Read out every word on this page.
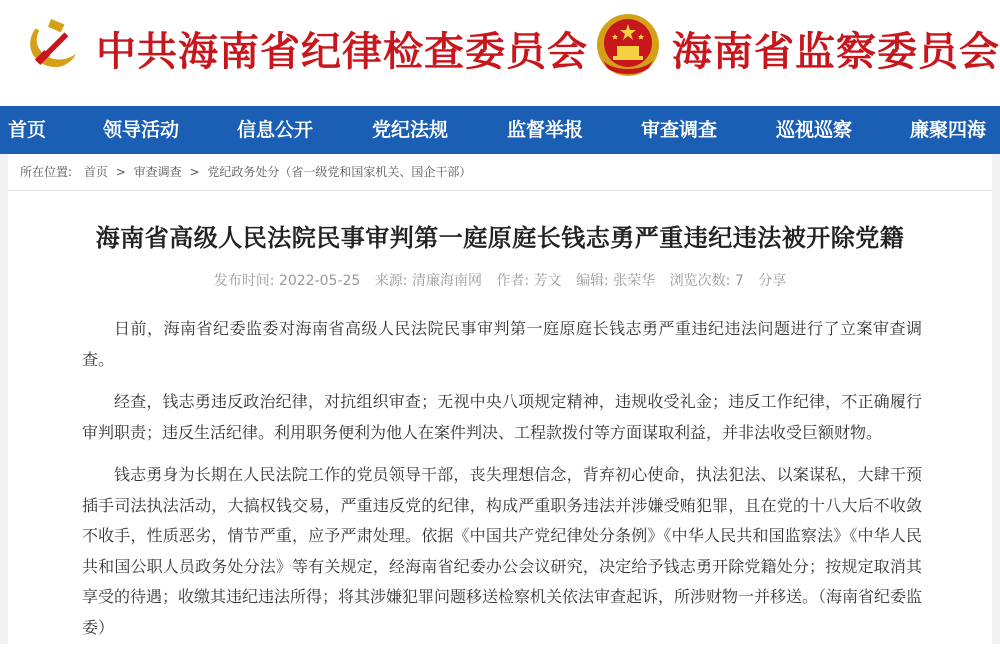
中共海南省纪律检查委员会 海南省监察委员会
首页	领导活动	信息公开	党纪法规	监督举报	审查调查	巡视巡察	廉聚四海
所在位置: 首页 > 审查调查 > 党纪政务处分（省一级党和国家机关、国企干部）
海南省高级人民法院民事审判第一庭原庭长钱志勇严重违纪违法被开除党籍
发布时间: 2022-05-25 来源: 清廉海南网 作者: 芳文 编辑: 张荣华 浏览次数: 7 分享

日前，海南省纪委监委对海南省高级人民法院民事审判第一庭原庭长钱志勇严重违纪违法问题进行了立案审查调查。

经查，钱志勇违反政治纪律，对抗组织审查；无视中央八项规定精神，违规收受礼金；违反工作纪律，不正确履行审判职责；违反生活纪律。利用职务便利为他人在案件判决、工程款拨付等方面谋取利益，并非法收受巨额财物。

钱志勇身为长期在人民法院工作的党员领导干部，丧失理想信念，背弃初心使命，执法犯法、以案谋私，大肆干预插手司法执法活动，大搞权钱交易，严重违反党的纪律，构成严重职务违法并涉嫌受贿犯罪，且在党的十八大后不收敛不收手，性质恶劣，情节严重，应予严肃处理。依据《中国共产党纪律处分条例》《中华人民共和国监察法》《中华人民共和国公职人员政务处分法》等有关规定，经海南省纪委办公会议研究，决定给予钱志勇开除党籍处分；按规定取消其享受的待遇；收缴其违纪违法所得；将其涉嫌犯罪问题移送检察机关依法审查起诉，所涉财物一并移送。（海南省纪委监委）
